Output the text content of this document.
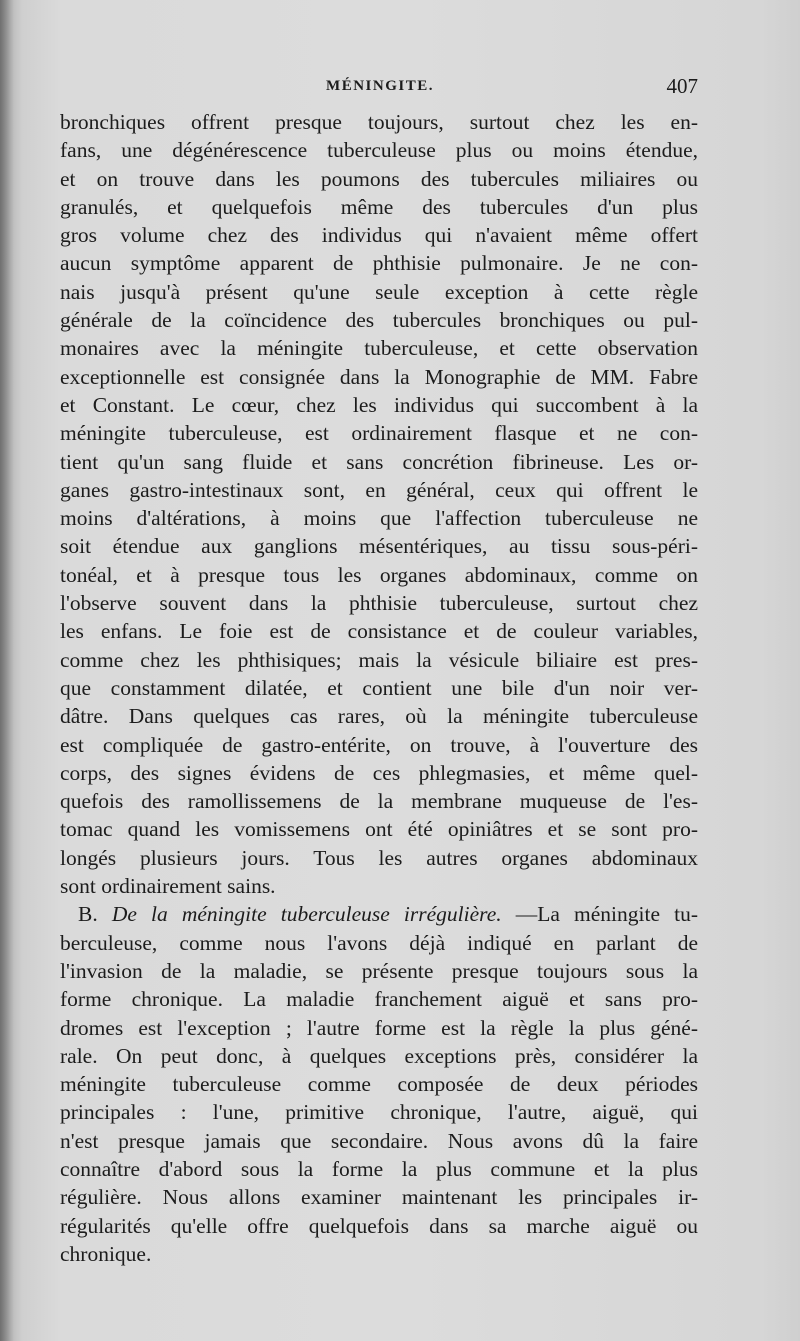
MÉNINGITE.	407
bronchiques offrent presque toujours, surtout chez les en-
fans, une dégénérescence tuberculeuse plus ou moins étendue,
et on trouve dans les poumons des tubercules miliaires ou
granulés, et quelquefois même des tubercules d'un plus
gros volume chez des individus qui n'avaient même offert
aucun symptôme apparent de phthisie pulmonaire. Je ne con-
nais jusqu'à présent qu'une seule exception à cette règle
générale de la coïncidence des tubercules bronchiques ou pul-
monaires avec la méningite tuberculeuse, et cette observation
exceptionnelle est consignée dans la Monographie de MM. Fabre
et Constant. Le cœur, chez les individus qui succombent à la
méningite tuberculeuse, est ordinairement flasque et ne con-
tient qu'un sang fluide et sans concrétion fibrineuse. Les or-
ganes gastro-intestinaux sont, en général, ceux qui offrent le
moins d'altérations, à moins que l'affection tuberculeuse ne
soit étendue aux ganglions mésentériques, au tissu sous-péri-
tonéal, et à presque tous les organes abdominaux, comme on
l'observe souvent dans la phthisie tuberculeuse, surtout chez
les enfans. Le foie est de consistance et de couleur variables,
comme chez les phthisiques; mais la vésicule biliaire est pres-
que constamment dilatée, et contient une bile d'un noir ver-
dâtre. Dans quelques cas rares, où la méningite tuberculeuse
est compliquée de gastro-entérite, on trouve, à l'ouverture des
corps, des signes évidens de ces phlegmasies, et même quel-
quefois des ramollissemens de la membrane muqueuse de l'es-
tomac quand les vomissemens ont été opiniâtres et se sont pro-
longés plusieurs jours. Tous les autres organes abdominaux
sont ordinairement sains.
B. De la méningite tuberculeuse irrégulière. —La méningite tu-
berculeuse, comme nous l'avons déjà indiqué en parlant de
l'invasion de la maladie, se présente presque toujours sous la
forme chronique. La maladie franchement aiguë et sans pro-
dromes est l'exception ; l'autre forme est la règle la plus géné-
rale. On peut donc, à quelques exceptions près, considérer la
méningite tuberculeuse comme composée de deux périodes
principales : l'une, primitive chronique, l'autre, aiguë, qui
n'est presque jamais que secondaire. Nous avons dû la faire
connaître d'abord sous la forme la plus commune et la plus
régulière. Nous allons examiner maintenant les principales ir-
régularités qu'elle offre quelquefois dans sa marche aiguë ou
chronique.
